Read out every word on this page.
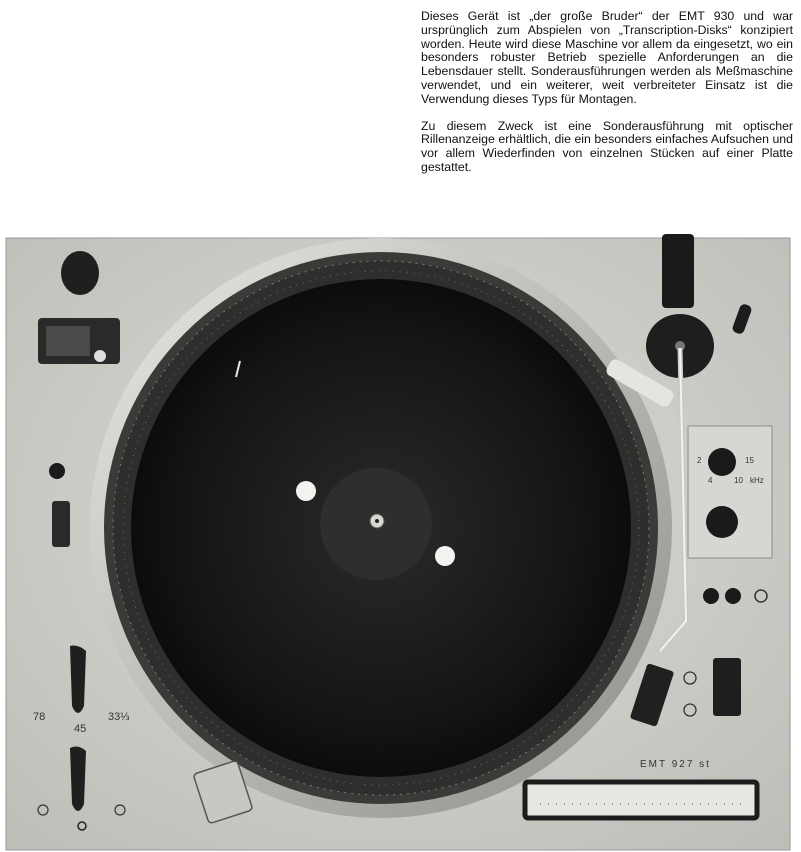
Dieses Gerät ist „der große Bruder“ der EMT 930 und war ursprünglich zum Abspielen von „Transcription-Disks“ konzipiert worden. Heute wird diese Maschine vor allem da eingesetzt, wo ein besonders robuster Betrieb spezielle Anforderungen an die Lebensdauer stellt. Sonderausführungen werden als Meßmaschine verwendet, und ein weiterer, weit verbreiteter Einsatz ist die Verwendung dieses Typs für Montagen.

Zu diesem Zweck ist eine Sonderausführung mit optischer Rillenanzeige erhältlich, die ein besonders einfaches Aufsuchen und vor allem Wiederfinden von einzelnen Stücken auf einer Platte gestattet.

78
45
33⅓
EMT 927 st
2	15
4	10 kHz
